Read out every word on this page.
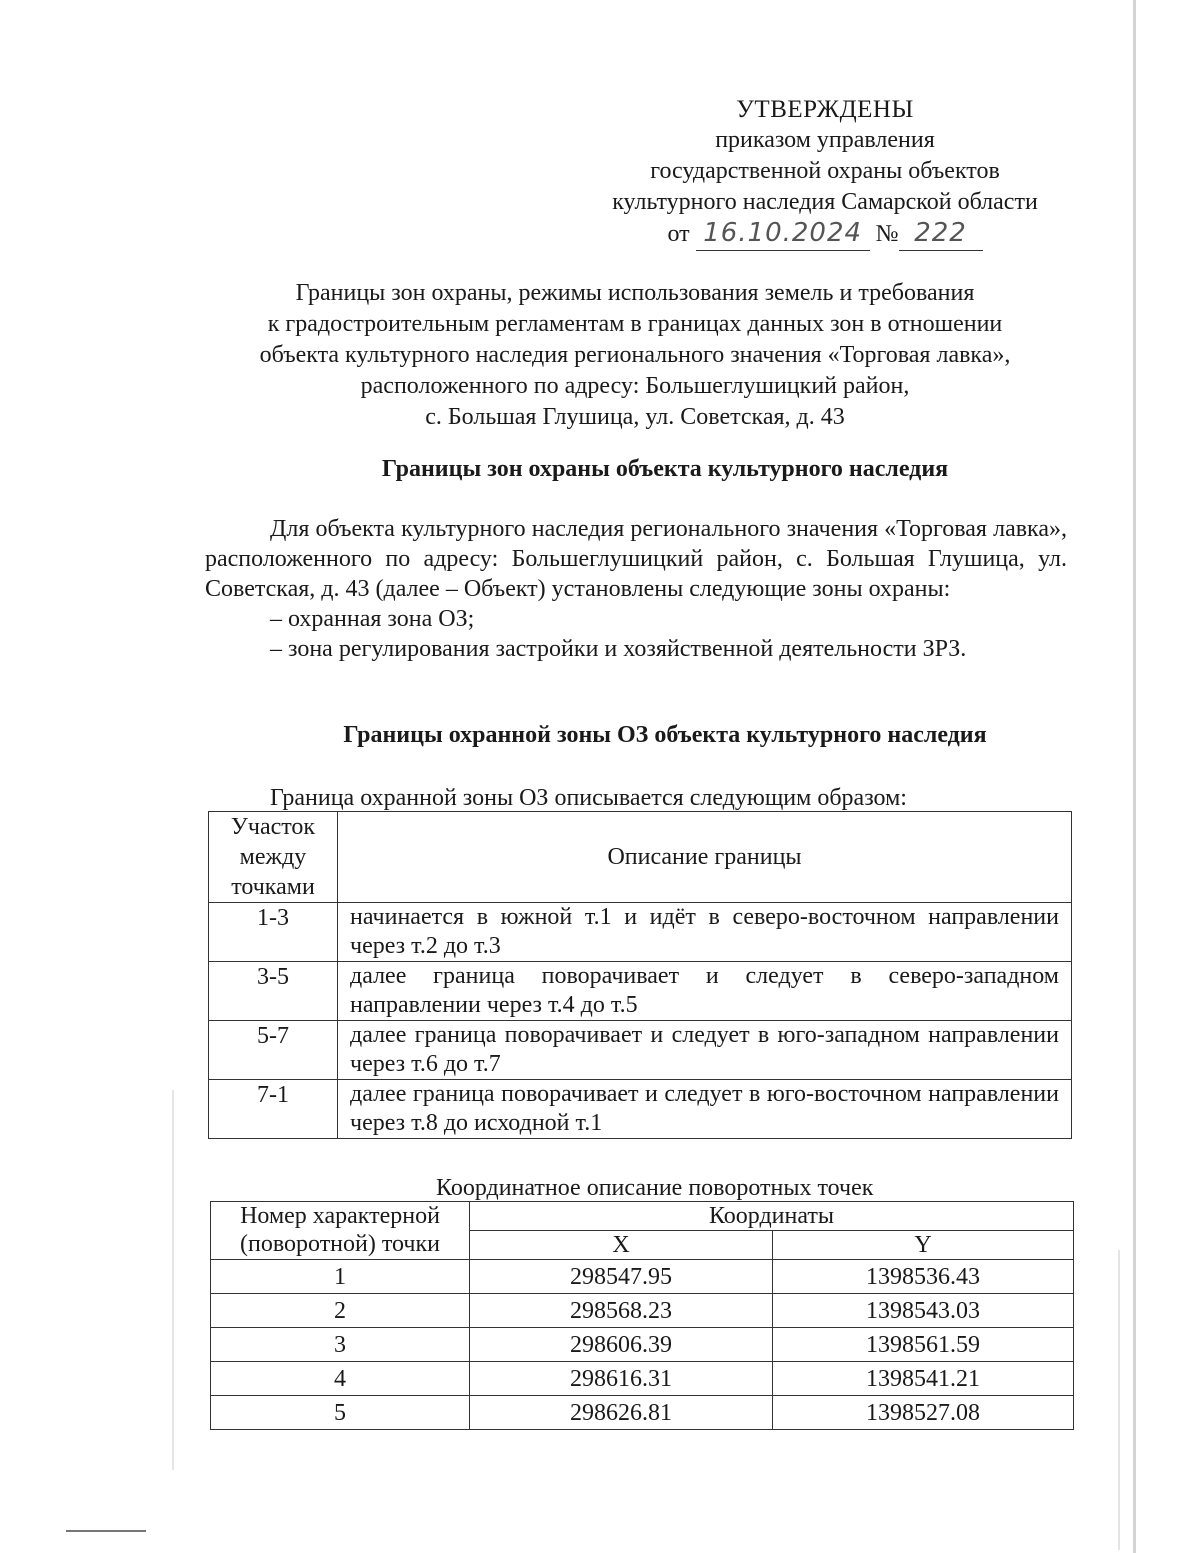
УТВЕРЖДЕНЫ
приказом управления
государственной охраны объектов
культурного наследия Самарской области
от 16.10.2024 № 222
Границы зон охраны, режимы использования земель и требования
к градостроительным регламентам в границах данных зон в отношении
объекта культурного наследия регионального значения «Торговая лавка»,
расположенного по адресу: Большеглушицкий район,
с. Большая Глушица, ул. Советская, д. 43
Границы зон охраны объекта культурного наследия

Для объекта культурного наследия регионального значения «Торговая лавка», расположенного по адресу: Большеглушицкий район, с. Большая Глушица, ул. Советская, д. 43 (далее – Объект) установлены следующие зоны охраны:

– охранная зона ОЗ;

– зона регулирования застройки и хозяйственной деятельности ЗРЗ.

Границы охранной зоны ОЗ объекта культурного наследия
Граница охранной зоны ОЗ описывается следующим образом:
Участок между точками	Описание границы
1-3	начинается в южной т.1 и идёт в северо-восточном направлении через т.2 до т.3
3-5	далее граница поворачивает и следует в северо-западном направлении через т.4 до т.5
5-7	далее граница поворачивает и следует в юго-западном направлении через т.6 до т.7
7-1	далее граница поворачивает и следует в юго-восточном направлении через т.8 до исходной т.1
Координатное описание поворотных точек
Номер характерной (поворотной) точки	Координаты	
	X	Y
1	298547.95	1398536.43
2	298568.23	1398543.03
3	298606.39	1398561.59
4	298616.31	1398541.21
5	298626.81	1398527.08
